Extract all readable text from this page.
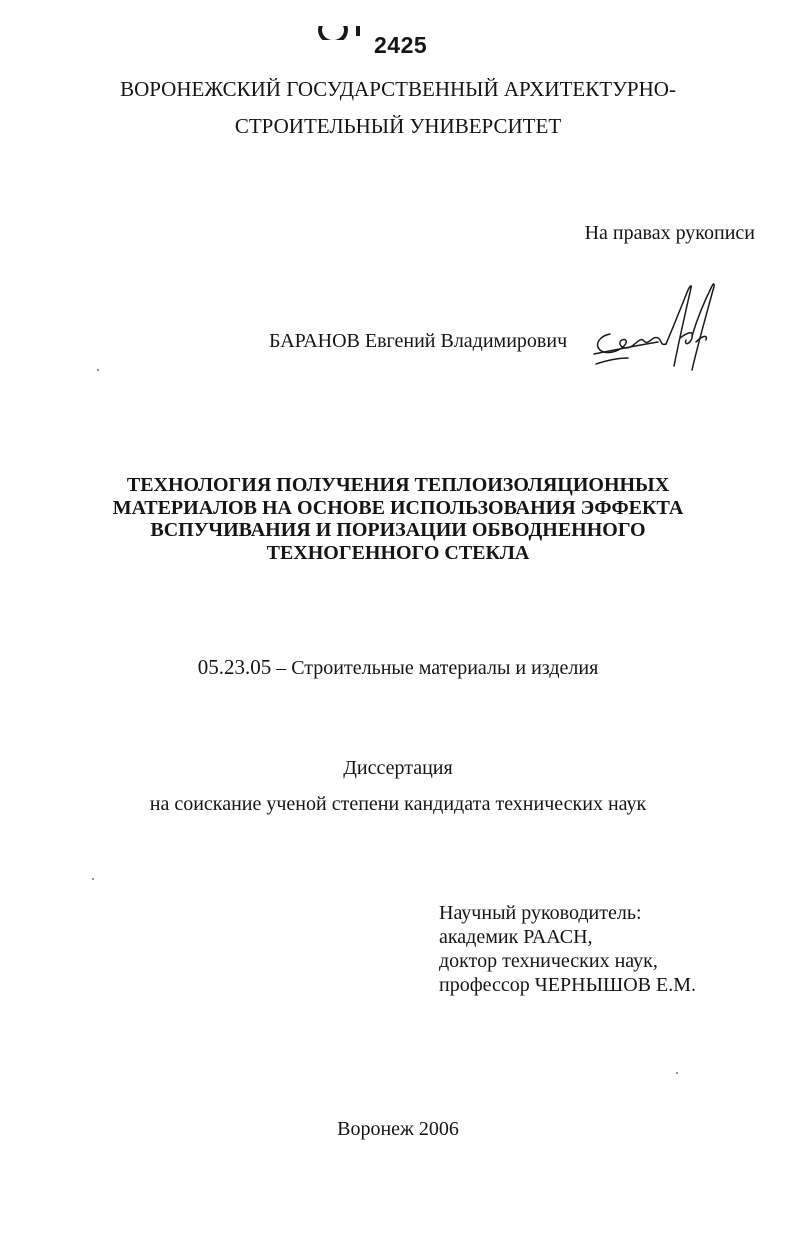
2425
ВОРОНЕЖСКИЙ ГОСУДАРСТВЕННЫЙ АРХИТЕКТУРНО-
СТРОИТЕЛЬНЫЙ УНИВЕРСИТЕТ
На правах рукописи
БАРАНОВ Евгений Владимирович
ТЕХНОЛОГИЯ ПОЛУЧЕНИЯ ТЕПЛОИЗОЛЯЦИОННЫХ
МАТЕРИАЛОВ НА ОСНОВЕ ИСПОЛЬЗОВАНИЯ ЭФФЕКТА
ВСПУЧИВАНИЯ И ПОРИЗАЦИИ ОБВОДНЕННОГО
ТЕХНОГЕННОГО СТЕКЛА
05.23.05 – Строительные материалы и изделия
Диссертация
на соискание ученой степени кандидата технических наук
Научный руководитель:
академик РААСН,
доктор технических наук,
профессор ЧЕРНЫШОВ Е.М.
Воронеж 2006
